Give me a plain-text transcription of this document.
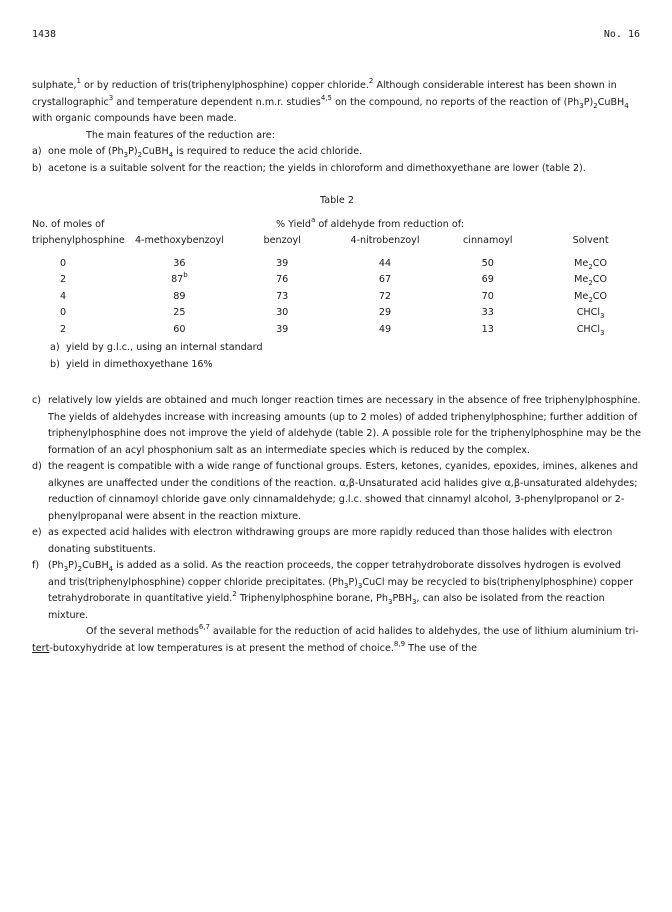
1438	No. 16

sulphate,$^1$ or by reduction of tris(triphenylphosphine) copper chloride.$^2$ Although considerable interest has been shown in crystallographic$^3$ and temperature dependent n.m.r. studies$^{4,5}$ on the compound, no reports of the reaction of $(Ph_3P)_2CuBH_4$ with organic compounds have been made.

The main features of the reduction are:

a) one mole of $(Ph_3P)_2CuBH_4$ is required to reduce the acid chloride.
b) acetone is a suitable solvent for the reaction; the yields in chloroform and dimethoxyethane are lower (table 2).
Table 2
No. of moles of	% Yield$^a$ of aldehyde from reduction of:				
triphenylphosphine	4-methoxybenzoyl	benzoyl	4-nitrobenzoyl	cinnamoyl	Solvent
0	36	39	44	50	$Me_2CO$
2	87$^b$	76	67	69	$Me_2CO$
4	89	73	72	70	$Me_2CO$
0	25	30	29	33	CHCl$_3$
2	60	39	49	13	CHCl$_3$
a) yield by g.l.c., using an internal standard
b) yield in dimethoxyethane 16%
c) relatively low yields are obtained and much longer reaction times are necessary in the absence of free triphenylphosphine. The yields of aldehydes increase with increasing amounts (up to 2 moles) of added triphenylphosphine; further addition of triphenylphosphine does not improve the yield of aldehyde (table 2). A possible role for the triphenylphosphine may be the formation of an acyl phosphonium salt as an intermediate species which is reduced by the complex.
d) the reagent is compatible with a wide range of functional groups. Esters, ketones, cyanides, epoxides, imines, alkenes and alkynes are unaffected under the conditions of the reaction. α,β-Unsaturated acid halides give α,β-unsaturated aldehydes; reduction of cinnamoyl chloride gave only cinnamaldehyde; g.l.c. showed that cinnamyl alcohol, 3-phenylpropanol or 2-phenylpropanal were absent in the reaction mixture.
e) as expected acid halides with electron withdrawing groups are more rapidly reduced than those halides with electron donating substituents.
f) $(Ph_3P)_2CuBH_4$ is added as a solid. As the reaction proceeds, the copper tetrahydroborate dissolves hydrogen is evolved and tris(triphenylphosphine) copper chloride precipitates. $(Ph_3P)_3CuCl$ may be recycled to bis(triphenylphosphine) copper tetrahydroborate in quantitative yield.$^2$ Triphenylphosphine borane, $Ph_3PBH_3$, can also be isolated from the reaction mixture.

Of the several methods$^{6,7}$ available for the reduction of acid halides to aldehydes, the use of lithium aluminium tri-tert-butoxyhydride at low temperatures is at present the method of choice.$^{8,9}$ The use of the
